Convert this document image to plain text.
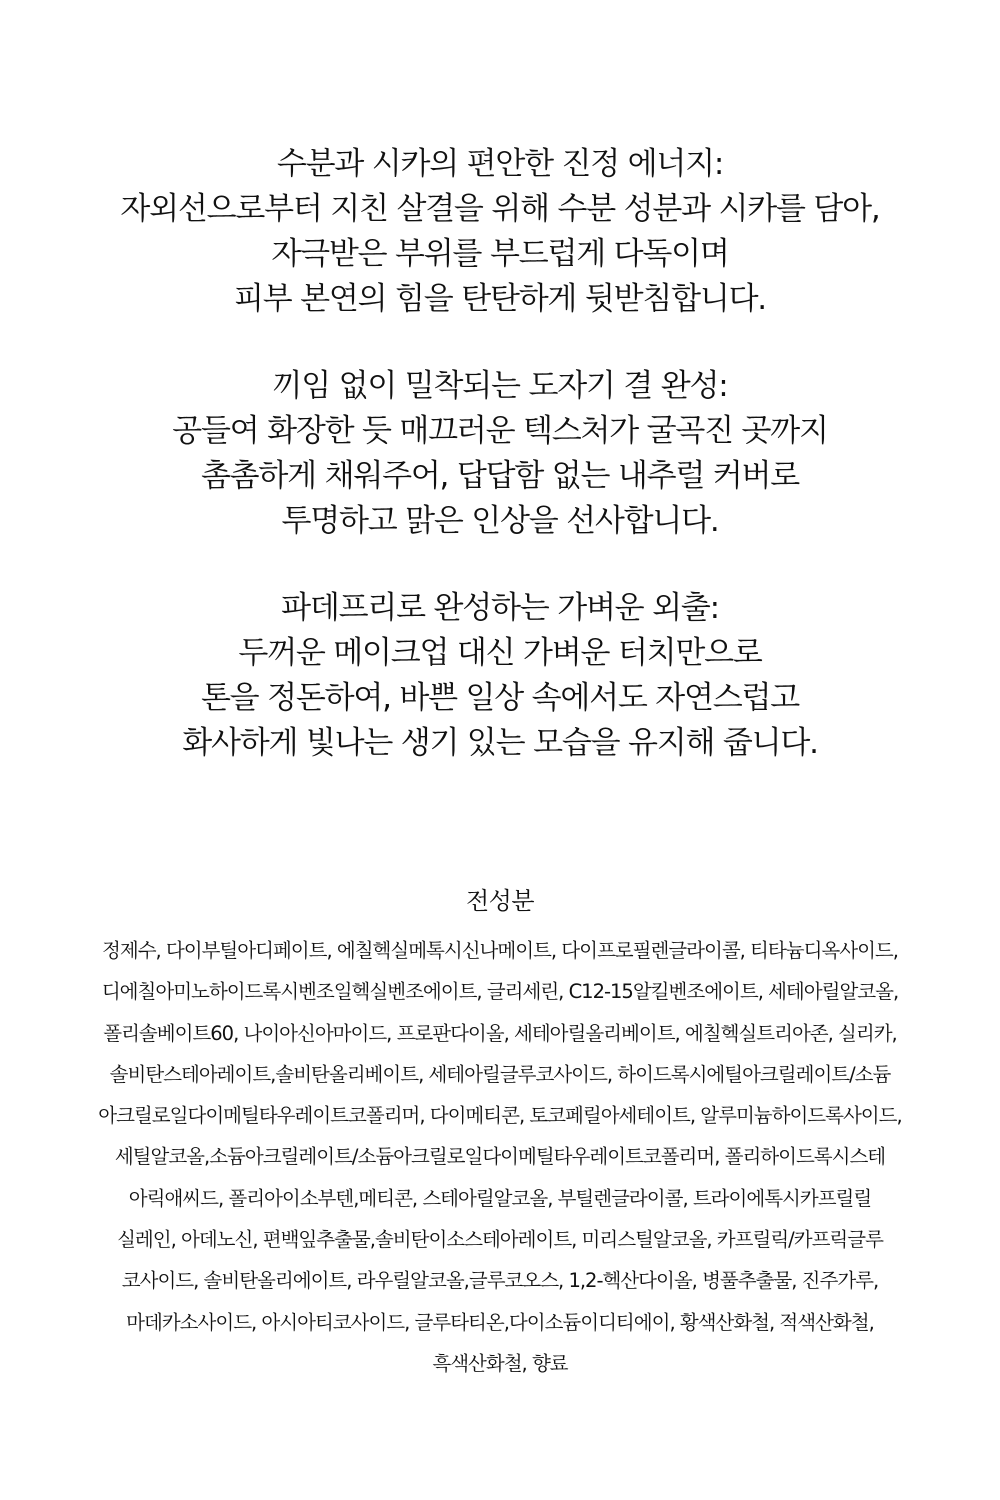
수분과 시카의 편안한 진정 에너지:
자외선으로부터 지친 살결을 위해 수분 성분과 시카를 담아,
자극받은 부위를 부드럽게 다독이며
피부 본연의 힘을 탄탄하게 뒷받침합니다.
끼임 없이 밀착되는 도자기 결 완성:
공들여 화장한 듯 매끄러운 텍스처가 굴곡진 곳까지
촘촘하게 채워주어, 답답함 없는 내추럴 커버로
투명하고 맑은 인상을 선사합니다.
파데프리로 완성하는 가벼운 외출:
두꺼운 메이크업 대신 가벼운 터치만으로
톤을 정돈하여, 바쁜 일상 속에서도 자연스럽고
화사하게 빛나는 생기 있는 모습을 유지해 줍니다.
전성분
정제수, 다이부틸아디페이트, 에칠헥실메톡시신나메이트, 다이프로필렌글라이콜, 티타늄디옥사이드,
디에칠아미노하이드록시벤조일헥실벤조에이트, 글리세린, C12-15알킬벤조에이트, 세테아릴알코올,
폴리솔베이트60, 나이아신아마이드, 프로판다이올, 세테아릴올리베이트, 에칠헥실트리아존, 실리카,
솔비탄스테아레이트,솔비탄올리베이트, 세테아릴글루코사이드, 하이드록시에틸아크릴레이트/소듐
아크릴로일다이메틸타우레이트코폴리머, 다이메티콘, 토코페릴아세테이트, 알루미늄하이드록사이드,
세틸알코올,소듐아크릴레이트/소듐아크릴로일다이메틸타우레이트코폴리머, 폴리하이드록시스테
아릭애씨드, 폴리아이소부텐,메티콘, 스테아릴알코올, 부틸렌글라이콜, 트라이에톡시카프릴릴
실레인, 아데노신, 편백잎추출물,솔비탄이소스테아레이트, 미리스틸알코올, 카프릴릭/카프릭글루
코사이드, 솔비탄올리에이트, 라우릴알코올,글루코오스, 1,2-헥산다이올, 병풀추출물, 진주가루,
마데카소사이드, 아시아티코사이드, 글루타티온,다이소듐이디티에이, 황색산화철, 적색산화철,
흑색산화철, 향료
